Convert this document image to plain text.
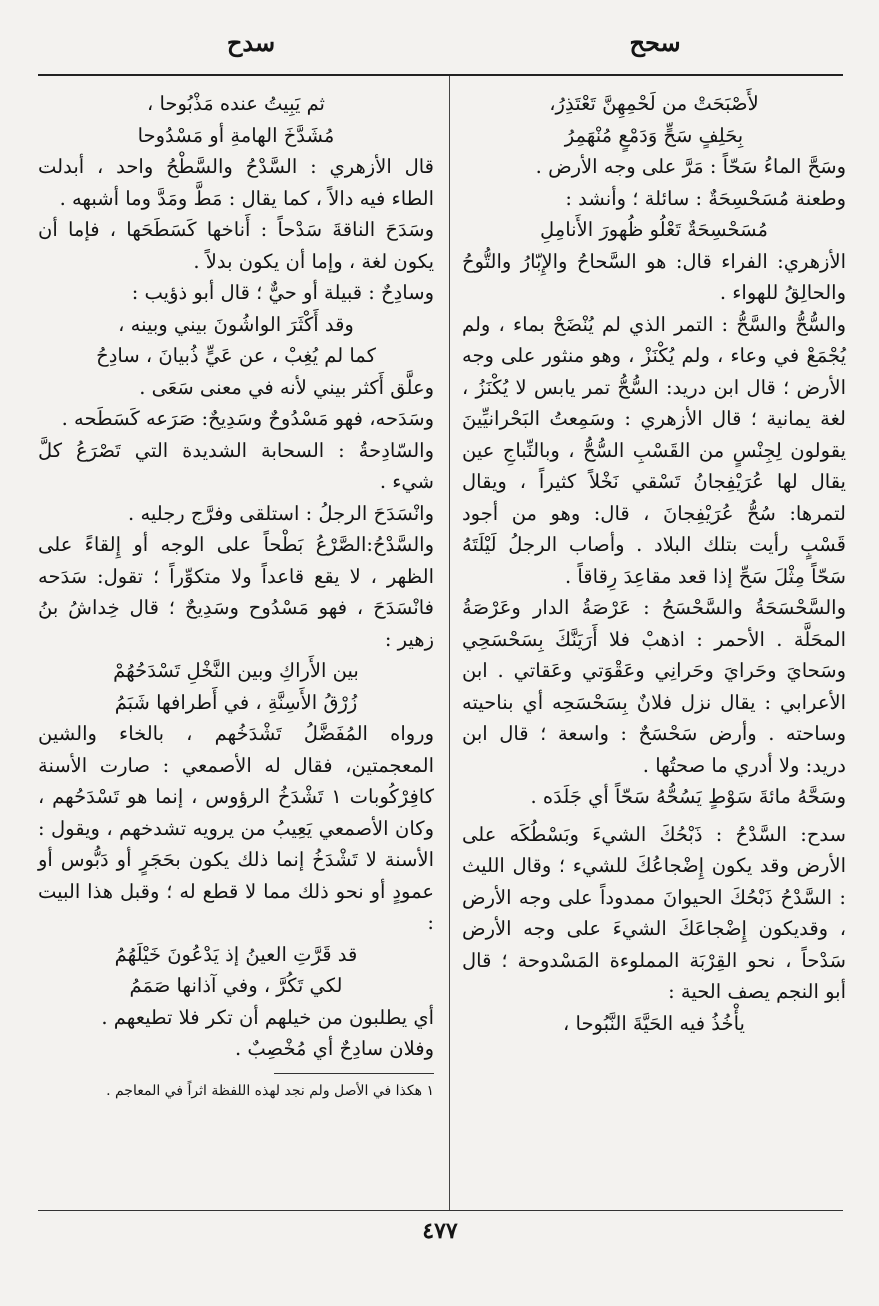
سحح
سدح

لأَصْبَحَتْ من لَحْمِهِنَّ تَعْتَذِرُ،

بِحَلِفٍ سَحٍّ وَدَمْعٍ مُنْهَمِرُ

وسَحَّ الماءُ سَحّاً : مَرَّ على وجه الأرض .

وطعنة مُسَحْسِحَةٌ : سائلة ؛ وأنشد :

مُسَحْسِحَةٌ تَعْلُو ظُهورَ الأَنامِلِ

الأزهري: الفراء قال: هو السَّحاحُ والإِبّارُ والتُّوحُ والحالِقُ للهواء .

والسُّحُّ والسَّحُّ : التمر الذي لم يُنْضَحْ بماء ، ولم يُجْمَعْ في وعاء ، ولم يُكْنَزْ ، وهو منثور على وجه الأرض ؛ قال ابن دريد: السُّحُّ تمر يابس لا يُكْنَزُ ، لغة يمانية ؛ قال الأزهري : وسَمِعتُ البَحْرانيِّينَ يقولون لِجِنْسٍ من القَسْبِ السُّحُّ ، وبالنِّباجِ عين يقال لها عُرَيْفِجانُ تَسْقي نَخْلاً كثيراً ، ويقال لتمرها: سُحُّ عُرَيْفِجانَ ، قال: وهو من أجود قَسْبٍ رأيت بتلك البلاد . وأصاب الرجلُ لَيْلَتَهُ سَحّاً مِثْلَ سَحِّ إذا قعد مقاعِدَ رِقاقاً .

والسَّحْسَحَةُ والسَّحْسَحُ : عَرْصَةُ الدار وعَرْصَةُ المحَلَّة . الأحمر : اذهبْ فلا أَرَيَنَّكَ بِسَحْسَحِي وسَحايَ وحَرايَ وحَرانِي وعَقْوَتي وعَقاتي . ابن الأعرابي : يقال نزل فلانٌ بِسَحْسَحِه أي بناحيته وساحته . وأرض سَحْسَحٌ : واسعة ؛ قال ابن دريد: ولا أدري ما صحتُها .

وسَحَّهُ مائةَ سَوْطٍ يَسُحُّهُ سَحّاً أي جَلَدَه .

سدح: السَّدْحُ : ذَبْحُكَ الشيءَ وبَسْطُكَه على الأرض وقد يكون إِضْجاعُكَ للشيء ؛ وقال الليث : السَّدْحُ ذَبْحُكَ الحيوانَ ممدوداً على وجه الأرض ، وقديكون إِضْجاعَكَ الشيءَ على وجه الأرض سَدْحاً ، نحو القِرْبَة المملوءة المَسْدوحة ؛ قال أبو النجم يصف الحية :

يأْخُذُ فيه الحَيَّةَ النَّبُوحا ،

ثم يَبِيتُ عنده مَذْبُوحا ،

مُشَدَّخَ الهامةِ أو مَسْدُوحا

قال الأزهري : السَّدْحُ والسَّطْحُ واحد ، أبدلت الطاء فيه دالاً ، كما يقال : مَطَّ ومَدَّ وما أشبهه .

وسَدَحَ الناقةَ سَدْحاً : أَناخها كَسَطَحَها ، فإما أن يكون لغة ، وإما أن يكون بدلاً .

وسادِحٌ : قبيلة أو حيٌّ ؛ قال أبو ذؤيب :

وقد أَكْثَرَ الواشُونَ بيني وبينه ،

كما لم يُغِبْ ، عن عَيٍّ ذُبيانَ ، سادِحُ

وعلَّق أَكثر بيني لأنه في معنى سَعَى .

وسَدَحه، فهو مَسْدُوحٌ وسَدِيحٌ: صَرَعه كَسَطَحه .

والسّادِحةُ : السحابة الشديدة التي تَصْرَعُ كلَّ شيء .

وانْسَدَحَ الرجلُ : استلقى وفرَّج رجليه .

والسَّدْحُ:الصَّرْعُ بَطْحاً على الوجه أو إِلقاءً على الظهر ، لا يقع قاعداً ولا متكوِّراً ؛ تقول: سَدَحه فانْسَدَحَ ، فهو مَسْدُوح وسَدِيحٌ ؛ قال خِداشُ بنُ زهير :

بين الأَراكِ وبين النَّخْلِ تَسْدَحُهُمْ

زُرْقُ الأَسِنَّةِ ، في أَطرافها شَبَمُ

ورواه المُفَضَّلُ تَشْدَخُهم ، بالخاء والشين المعجمتين، فقال له الأصمعي : صارت الأسنة كافِرْكُوبات ١ تَشْدَخُ الرؤوس ، إنما هو تَسْدَحُهم ، وكان الأصمعي يَعِيبُ من يرويه تشدخهم ، ويقول : الأسنة لا تَشْدَخُ إنما ذلك يكون بحَجَرٍ أو دَبُّوس أو عمودٍ أو نحو ذلك مما لا قطع له ؛ وقبل هذا البيت :

قد قَرَّتِ العينُ إذ يَدْعُونَ خَيْلَهُمُ

لكي تَكُرَّ ، وفي آذانها صَمَمُ

أي يطلبون من خيلهم أن تكر فلا تطيعهم .

وفلان سادِحٌ أي مُخْصِبٌ .

١ هكذا في الأصل ولم نجد لهذه اللفظة اثراً في المعاجم .

٤٧٧
